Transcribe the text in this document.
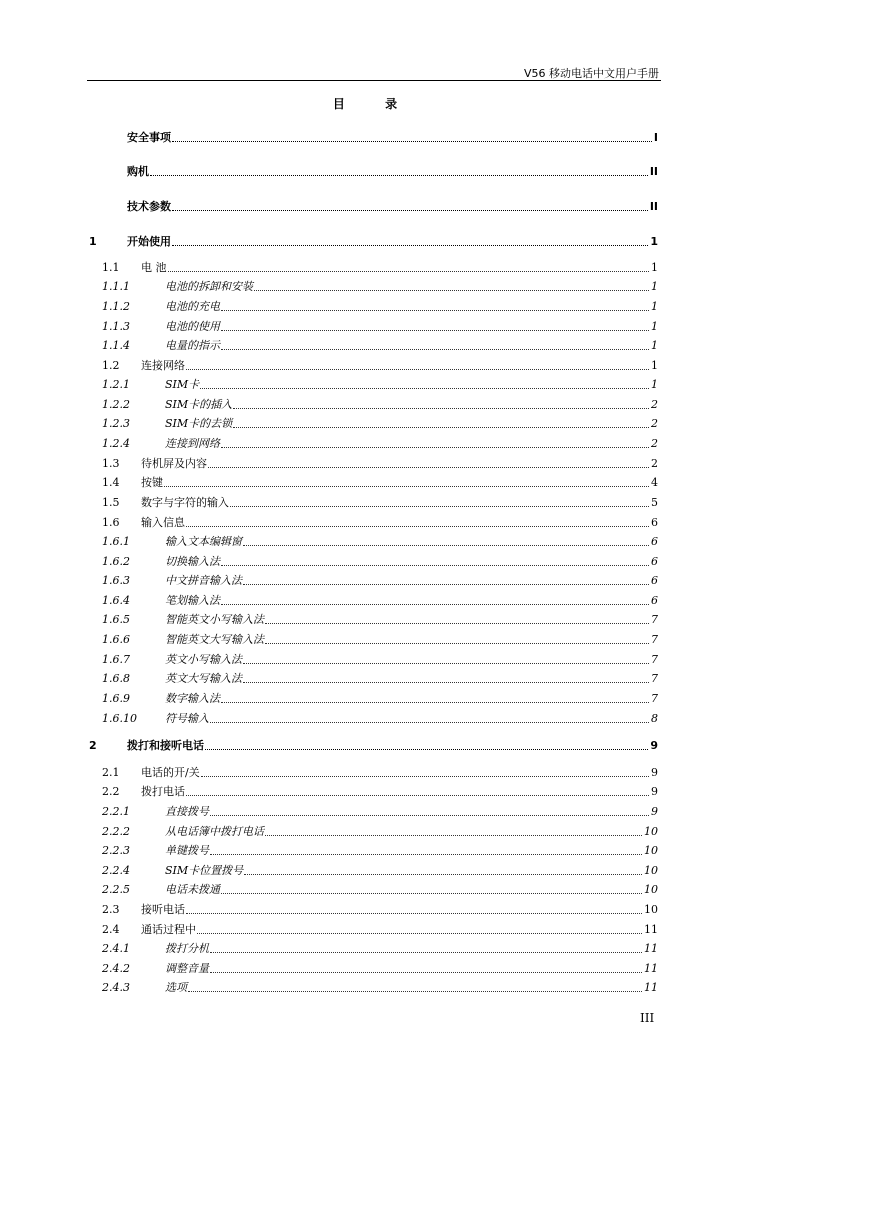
V56 移动电话中文用户手册
目 录
安全事项	I
购机	II
技术参数	II
1	开始使用	1
1.1	电 池	1
1.1.1	电池的拆卸和安装	1
1.1.2	电池的充电	1
1.1.3	电池的使用	1
1.1.4	电量的指示	1
1.2	连接网络	1
1.2.1	SIM卡	1
1.2.2	SIM卡的插入	2
1.2.3	SIM卡的去锁	2
1.2.4	连接到网络	2
1.3	待机屏及内容	2
1.4	按键	4
1.5	数字与字符的输入	5
1.6	输入信息	6
1.6.1	输入文本编辑窗	6
1.6.2	切换输入法	6
1.6.3	中文拼音输入法	6
1.6.4	笔划输入法	6
1.6.5	智能英文小写输入法	7
1.6.6	智能英文大写输入法	7
1.6.7	英文小写输入法	7
1.6.8	英文大写输入法	7
1.6.9	数字输入法	7
1.6.10	符号输入	8
2	拨打和接听电话	9
2.1	电话的开/关	9
2.2	拨打电话	9
2.2.1	直接拨号	9
2.2.2	从电话簿中拨打电话	10
2.2.3	单键拨号	10
2.2.4	SIM卡位置拨号	10
2.2.5	电话未拨通	10
2.3	接听电话	10
2.4	通话过程中	11
2.4.1	拨打分机	11
2.4.2	调整音量	11
2.4.3	选项	11
III
